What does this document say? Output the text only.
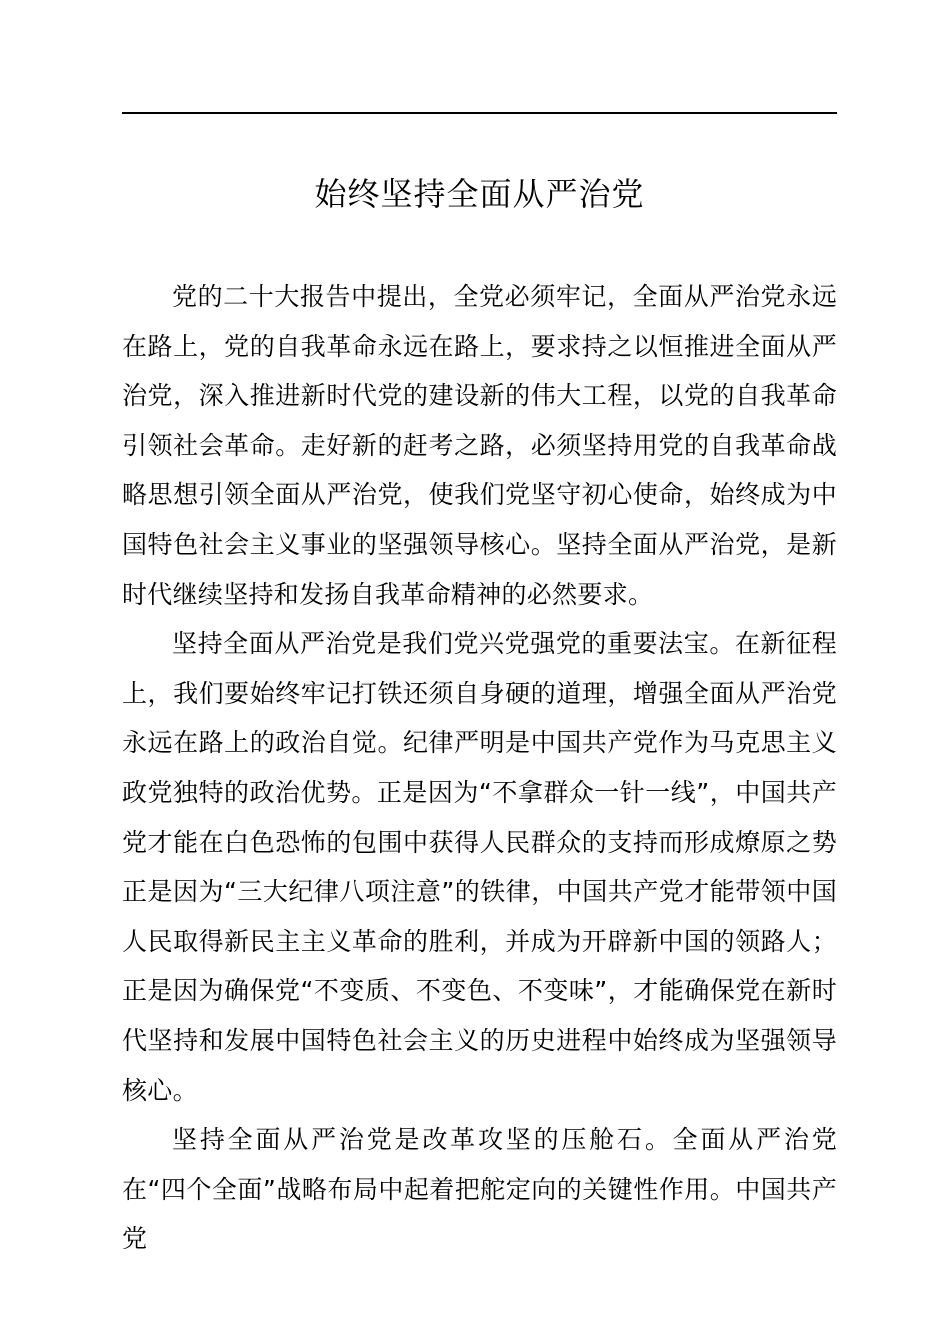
始终坚持全面从严治党

党的二十大报告中提出，全党必须牢记，全面从严治党永远在路上，党的自我革命永远在路上，要求持之以恒推进全面从严治党，深入推进新时代党的建设新的伟大工程，以党的自我革命引领社会革命。走好新的赶考之路，必须坚持用党的自我革命战略思想引领全面从严治党，使我们党坚守初心使命，始终成为中国特色社会主义事业的坚强领导核心。坚持全面从严治党，是新时代继续坚持和发扬自我革命精神的必然要求。

坚持全面从严治党是我们党兴党强党的重要法宝。在新征程上，我们要始终牢记打铁还须自身硬的道理，增强全面从严治党永远在路上的政治自觉。纪律严明是中国共产党作为马克思主义政党独特的政治优势。正是因为“不拿群众一针一线”，中国共产党才能在白色恐怖的包围中获得人民群众的支持而形成燎原之势正是因为“三大纪律八项注意”的铁律，中国共产党才能带领中国人民取得新民主主义革命的胜利，并成为开辟新中国的领路人；正是因为确保党“不变质、不变色、不变味”，才能确保党在新时代坚持和发展中国特色社会主义的历史进程中始终成为坚强领导核心。

坚持全面从严治党是改革攻坚的压舱石。全面从严治党在“四个全面”战略布局中起着把舵定向的关键性作用。中国共产党
